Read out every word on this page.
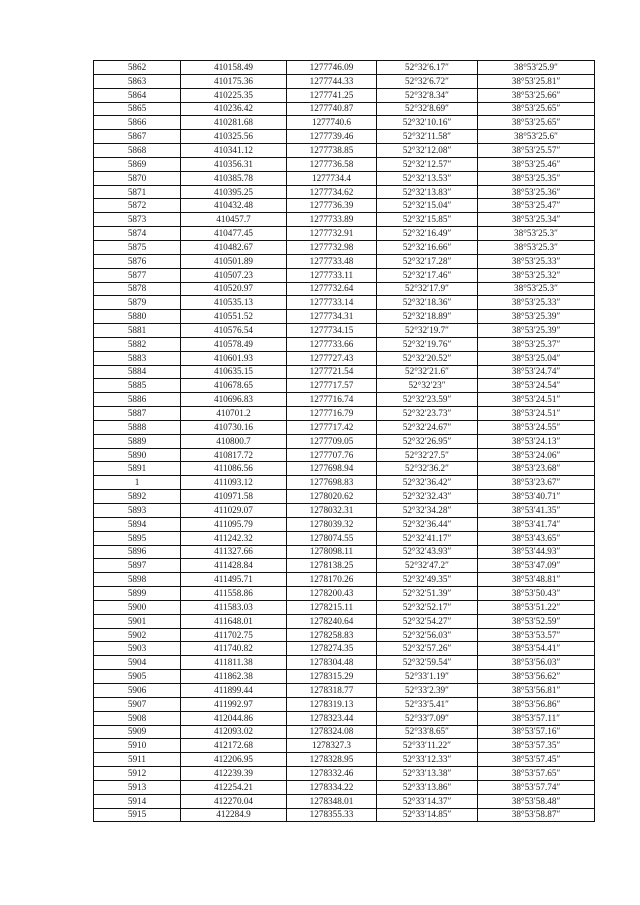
5862	410158.49	1277746.09	52°32′6.17″	38°53′25.9″
5863	410175.36	1277744.33	52°32′6.72″	38°53′25.81″
5864	410225.35	1277741.25	52°32′8.34″	38°53′25.66″
5865	410236.42	1277740.87	52°32′8.69″	38°53′25.65″
5866	410281.68	1277740.6	52°32′10.16″	38°53′25.65″
5867	410325.56	1277739.46	52°32′11.58″	38°53′25.6″
5868	410341.12	1277738.85	52°32′12.08″	38°53′25.57″
5869	410356.31	1277736.58	52°32′12.57″	38°53′25.46″
5870	410385.78	1277734.4	52°32′13.53″	38°53′25.35″
5871	410395.25	1277734.62	52°32′13.83″	38°53′25.36″
5872	410432.48	1277736.39	52°32′15.04″	38°53′25.47″
5873	410457.7	1277733.89	52°32′15.85″	38°53′25.34″
5874	410477.45	1277732.91	52°32′16.49″	38°53′25.3″
5875	410482.67	1277732.98	52°32′16.66″	38°53′25.3″
5876	410501.89	1277733.48	52°32′17.28″	38°53′25.33″
5877	410507.23	1277733.11	52°32′17.46″	38°53′25.32″
5878	410520.97	1277732.64	52°32′17.9″	38°53′25.3″
5879	410535.13	1277733.14	52°32′18.36″	38°53′25.33″
5880	410551.52	1277734.31	52°32′18.89″	38°53′25.39″
5881	410576.54	1277734.15	52°32′19.7″	38°53′25.39″
5882	410578.49	1277733.66	52°32′19.76″	38°53′25.37″
5883	410601.93	1277727.43	52°32′20.52″	38°53′25.04″
5884	410635.15	1277721.54	52°32′21.6″	38°53′24.74″
5885	410678.65	1277717.57	52°32′23″	38°53′24.54″
5886	410696.83	1277716.74	52°32′23.59″	38°53′24.51″
5887	410701.2	1277716.79	52°32′23.73″	38°53′24.51″
5888	410730.16	1277717.42	52°32′24.67″	38°53′24.55″
5889	410800.7	1277709.05	52°32′26.95″	38°53′24.13″
5890	410817.72	1277707.76	52°32′27.5″	38°53′24.06″
5891	411086.56	1277698.94	52°32′36.2″	38°53′23.68″
1	411093.12	1277698.83	52°32′36.42″	38°53′23.67″
5892	410971.58	1278020.62	52°32′32.43″	38°53′40.71″
5893	411029.07	1278032.31	52°32′34.28″	38°53′41.35″
5894	411095.79	1278039.32	52°32′36.44″	38°53′41.74″
5895	411242.32	1278074.55	52°32′41.17″	38°53′43.65″
5896	411327.66	1278098.11	52°32′43.93″	38°53′44.93″
5897	411428.84	1278138.25	52°32′47.2″	38°53′47.09″
5898	411495.71	1278170.26	52°32′49.35″	38°53′48.81″
5899	411558.86	1278200.43	52°32′51.39″	38°53′50.43″
5900	411583.03	1278215.11	52°32′52.17″	38°53′51.22″
5901	411648.01	1278240.64	52°32′54.27″	38°53′52.59″
5902	411702.75	1278258.83	52°32′56.03″	38°53′53.57″
5903	411740.82	1278274.35	52°32′57.26″	38°53′54.41″
5904	411811.38	1278304.48	52°32′59.54″	38°53′56.03″
5905	411862.38	1278315.29	52°33′1.19″	38°53′56.62″
5906	411899.44	1278318.77	52°33′2.39″	38°53′56.81″
5907	411992.97	1278319.13	52°33′5.41″	38°53′56.86″
5908	412044.86	1278323.44	52°33′7.09″	38°53′57.11″
5909	412093.02	1278324.08	52°33′8.65″	38°53′57.16″
5910	412172.68	1278327.3	52°33′11.22″	38°53′57.35″
5911	412206.95	1278328.95	52°33′12.33″	38°53′57.45″
5912	412239.39	1278332.46	52°33′13.38″	38°53′57.65″
5913	412254.21	1278334.22	52°33′13.86″	38°53′57.74″
5914	412270.04	1278348.01	52°33′14.37″	38°53′58.48″
5915	412284.9	1278355.33	52°33′14.85″	38°53′58.87″
